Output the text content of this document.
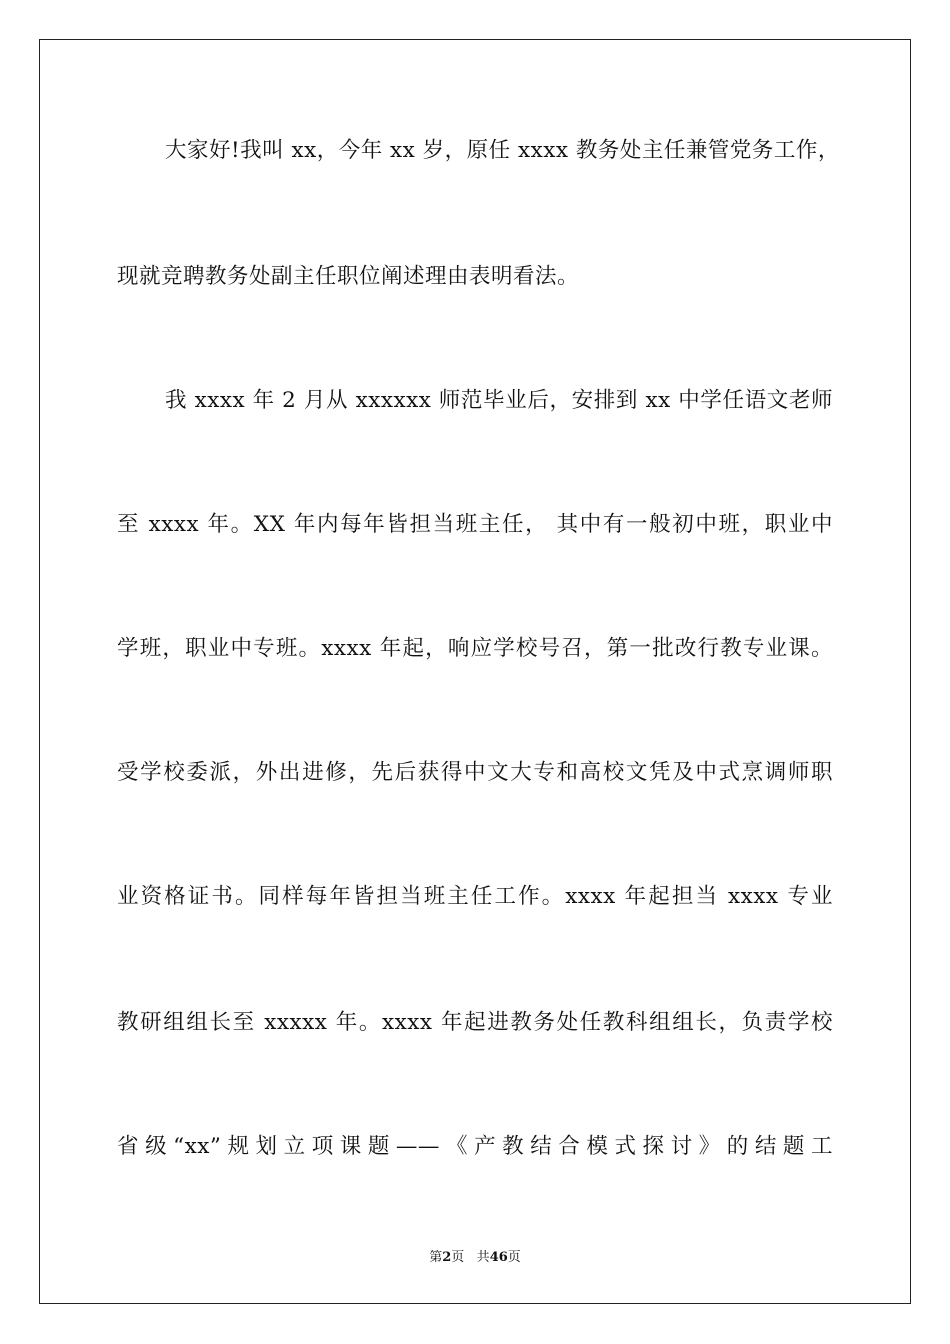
大家好!我叫 xx，今年 xx 岁，原任 xxxx 教务处主任兼管党务工作，

现就竞聘教务处副主任职位阐述理由表明看法。

我 xxxx 年 2 月从 xxxxxx 师范毕业后，安排到 xx 中学任语文老师

至 xxxx 年。XX 年内每年皆担当班主任， 其中有一般初中班，职业中

学班，职业中专班。xxxx 年起，响应学校号召，第一批改行教专业课。

受学校委派，外出进修，先后获得中文大专和高校文凭及中式烹调师职

业资格证书。同样每年皆担当班主任工作。xxxx 年起担当 xxxx 专业

教研组组长至 xxxxx 年。xxxx 年起进教务处任教科组组长，负责学校

省级“xx”规划立项课题——《产教结合模式探讨》的结题工

第2页 共46页
